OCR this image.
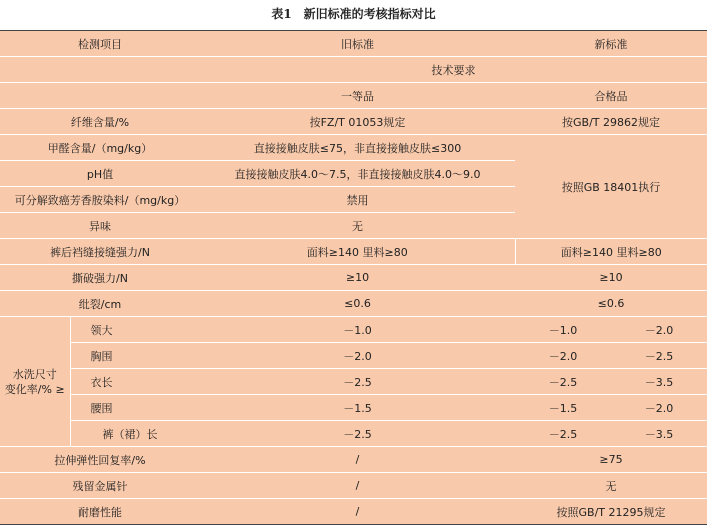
表1　新旧标准的考核指标对比
检测项目		旧标准	新标准	
技术要求				
		一等品	合格品	
纤维含量/%		按FZ/T 01053规定	按GB/T 29862规定	
甲醛含量/（mg/kg）		直接接触皮肤≤75，非直接接触皮肤≤300	按照GB 18401执行	
pH值		直接接触皮肤4.0～7.5，非直接接触皮肤4.0～9.0		
可分解致癌芳香胺染料/（mg/kg）		禁用		
异味		无		
裤后裆缝接缝强力/N		面料≥140 里料≥80	面料≥140 里料≥80	
撕破强力/N		≥10	≥10	
纰裂/cm		≤0.6	≤0.6	
水洗尺寸
变化率/% ≥	领大	－1.0	－1.0	－2.0
	胸围	－2.0	－2.0	－2.5
	衣长	－2.5	－2.5	－3.5
	腰围	－1.5	－1.5	－2.0
	裤（裙）长	－2.5	－2.5	－3.5
拉伸弹性回复率/%		/	≥75	
残留金属针		/	无	
耐磨性能		/	按照GB/T 21295规定	
